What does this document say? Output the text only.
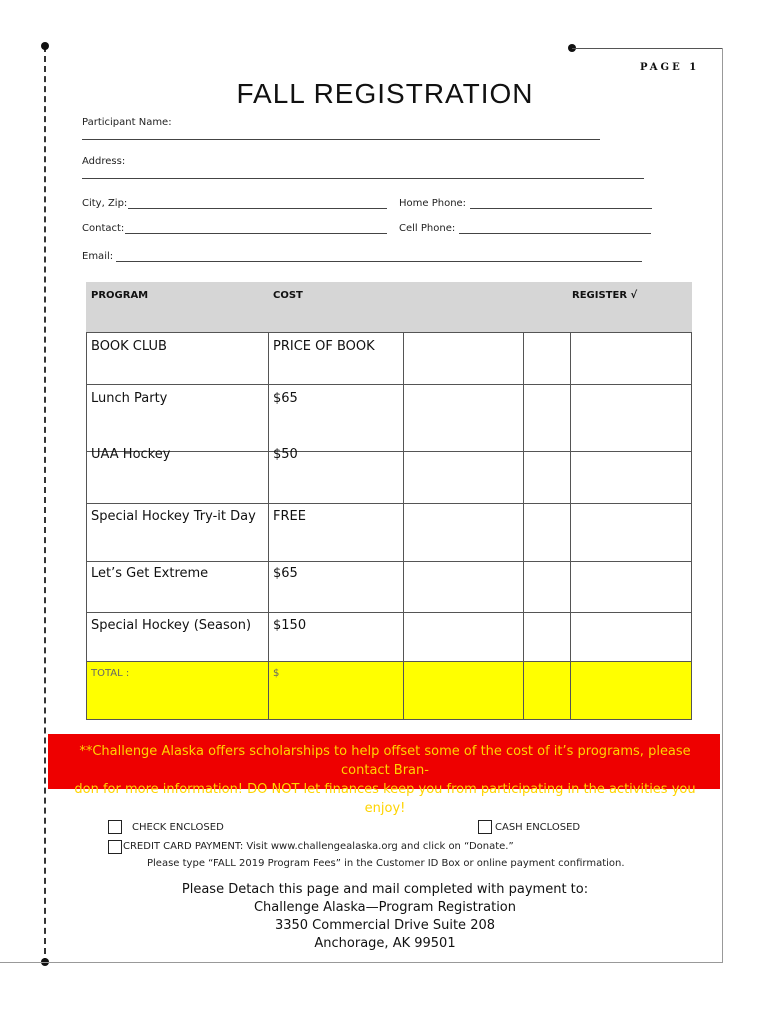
PAGE 1
FALL REGISTRATION
Participant Name:
Address:
City, Zip:	Home Phone:
Contact:	Cell Phone:
Email:
PROGRAM	COST	REGISTER √
BOOK CLUB	PRICE OF BOOK
Lunch Party	$65
UAA Hockey	$50
Special Hockey Try-it Day FREE
Let’s Get Extreme	$65
Special Hockey (Season) $150
TOTAL :	$
**Challenge Alaska offers scholarships to help offset some of the cost of it’s programs, please contact Bran-
don for more information! DO NOT let finances keep you from participating in the activities you enjoy!
CHECK ENCLOSED	CASH ENCLOSED
CREDIT CARD PAYMENT: Visit www.challengealaska.org and click on “Donate.”
Please type “FALL 2019 Program Fees” in the Customer ID Box or online payment confirmation.
Please Detach this page and mail completed with payment to:
Challenge Alaska—Program Registration
3350 Commercial Drive Suite 208
Anchorage, AK 99501
